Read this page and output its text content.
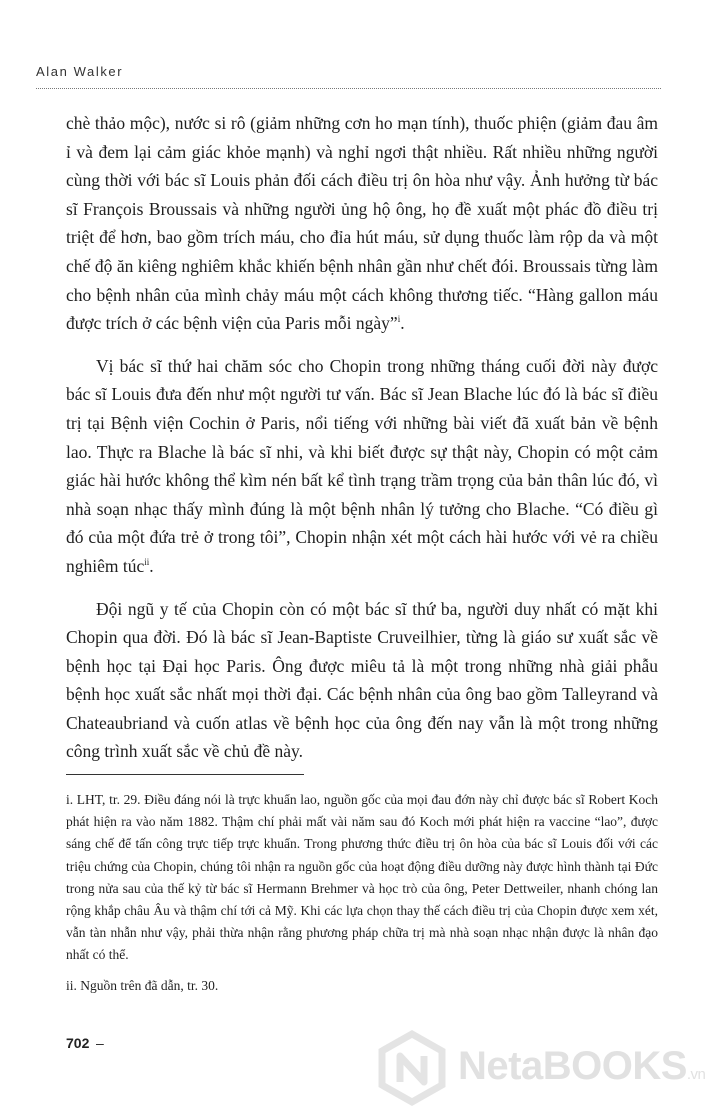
Alan Walker

chè thảo mộc), nước si rô (giảm những cơn ho mạn tính), thuốc phiện (giảm đau âm ỉ và đem lại cảm giác khỏe mạnh) và nghỉ ngơi thật nhiều. Rất nhiều những người cùng thời với bác sĩ Louis phản đối cách điều trị ôn hòa như vậy. Ảnh hưởng từ bác sĩ François Broussais và những người ủng hộ ông, họ đề xuất một phác đồ điều trị triệt để hơn, bao gồm trích máu, cho đỉa hút máu, sử dụng thuốc làm rộp da và một chế độ ăn kiêng nghiêm khắc khiến bệnh nhân gần như chết đói. Broussais từng làm cho bệnh nhân của mình chảy máu một cách không thương tiếc. “Hàng gallon máu được trích ở các bệnh viện của Paris mỗi ngày”$^i$.

Vị bác sĩ thứ hai chăm sóc cho Chopin trong những tháng cuối đời này được bác sĩ Louis đưa đến như một người tư vấn. Bác sĩ Jean Blache lúc đó là bác sĩ điều trị tại Bệnh viện Cochin ở Paris, nổi tiếng với những bài viết đã xuất bản về bệnh lao. Thực ra Blache là bác sĩ nhi, và khi biết được sự thật này, Chopin có một cảm giác hài hước không thể kìm nén bất kể tình trạng trầm trọng của bản thân lúc đó, vì nhà soạn nhạc thấy mình đúng là một bệnh nhân lý tưởng cho Blache. “Có điều gì đó của một đứa trẻ ở trong tôi”, Chopin nhận xét một cách hài hước với vẻ ra chiều nghiêm túc$^{ii}$.

Đội ngũ y tế của Chopin còn có một bác sĩ thứ ba, người duy nhất có mặt khi Chopin qua đời. Đó là bác sĩ Jean-Baptiste Cruveilhier, từng là giáo sư xuất sắc về bệnh học tại Đại học Paris. Ông được miêu tả là một trong những nhà giải phẫu bệnh học xuất sắc nhất mọi thời đại. Các bệnh nhân của ông bao gồm Talleyrand và Chateaubriand và cuốn atlas về bệnh học của ông đến nay vẫn là một trong những công trình xuất sắc về chủ đề này.

i. LHT, tr. 29. Điều đáng nói là trực khuẩn lao, nguồn gốc của mọi đau đớn này chỉ được bác sĩ Robert Koch phát hiện ra vào năm 1882. Thậm chí phải mất vài năm sau đó Koch mới phát hiện ra vaccine “lao”, được sáng chế để tấn công trực tiếp trực khuẩn. Trong phương thức điều trị ôn hòa của bác sĩ Louis đối với các triệu chứng của Chopin, chúng tôi nhận ra nguồn gốc của hoạt động điều dưỡng này được hình thành tại Đức trong nửa sau của thế kỷ từ bác sĩ Hermann Brehmer và học trò của ông, Peter Dettweiler, nhanh chóng lan rộng khắp châu Âu và thậm chí tới cả Mỹ. Khi các lựa chọn thay thế cách điều trị của Chopin được xem xét, vẫn tàn nhẫn như vậy, phải thừa nhận rằng phương pháp chữa trị mà nhà soạn nhạc nhận được là nhân đạo nhất có thể.

ii. Nguồn trên đã dẫn, tr. 30.

702 –
NetaBOOKS.vn
